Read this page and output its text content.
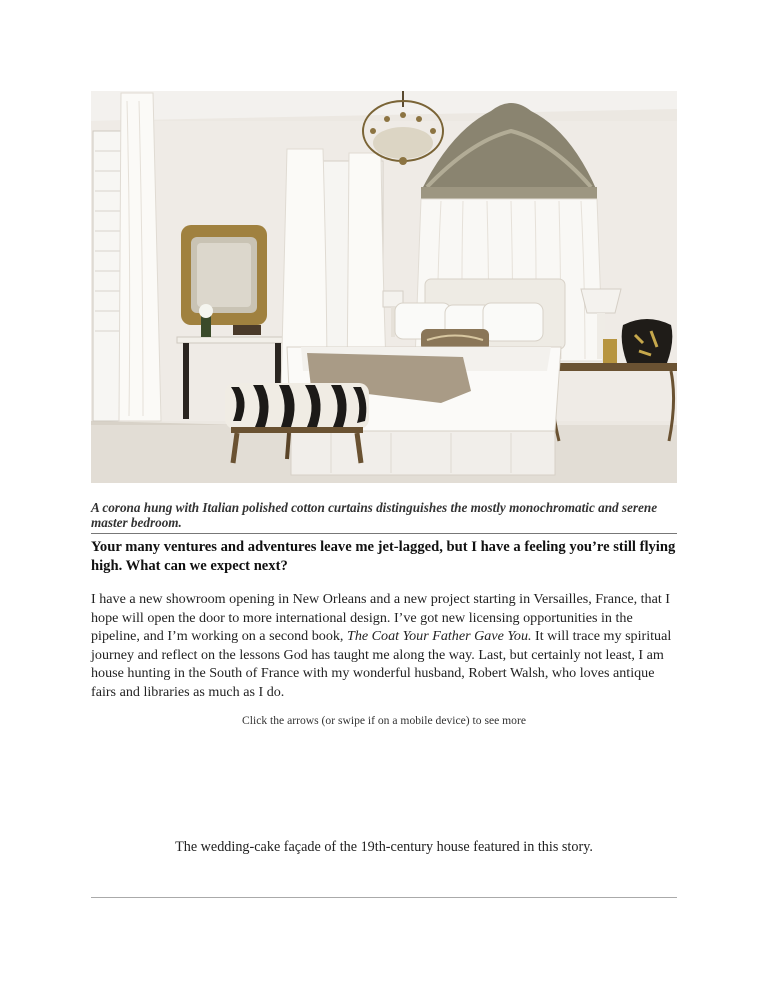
A corona hung with Italian polished cotton curtains distinguishes the mostly monochromatic and serene master bedroom.
Your many ventures and adventures leave me jet-lagged, but I have a feeling you’re still flying high. What can we expect next?
I have a new showroom opening in New Orleans and a new project starting in Versailles, France, that I hope will open the door to more international design. I’ve got new licensing opportunities in the pipeline, and I’m working on a second book, The Coat Your Father Gave You. It will trace my spiritual journey and reflect on the lessons God has taught me along the way. Last, but certainly not least, I am house hunting in the South of France with my wonderful husband, Robert Walsh, who loves antique fairs and libraries as much as I do.
Click the arrows (or swipe if on a mobile device) to see more
The wedding-cake façade of the 19th-century house featured in this story.
